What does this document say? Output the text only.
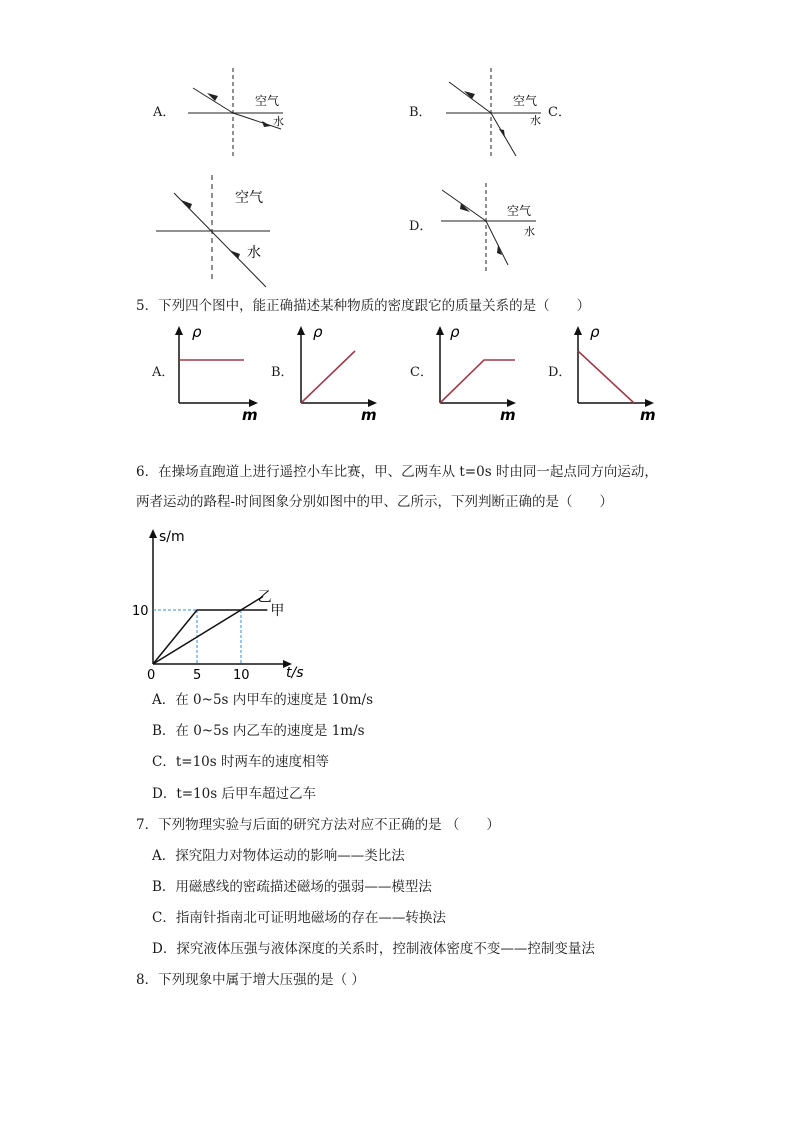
A．
空气
水
B．
空气
水
C．
空气
水
D．
空气
水
5．下列四个图中，能正确描述某种物质的密度跟它的质量关系的是（　　）
A．
ρ
m
B．
ρ
m
C．
ρ
m
D．
ρ
m
6．在操场直跑道上进行遥控小车比赛，甲、乙两车从 t=0s 时由同一起点同方向运动，
两者运动的路程-时间图象分别如图中的甲、乙所示，下列判断正确的是（　　）
s/m
t/s
0	5 10
10	甲
乙
A．在 0~5s 内甲车的速度是 10m/s
B．在 0~5s 内乙车的速度是 1m/s
C．t=10s 时两车的速度相等
D．t=10s 后甲车超过乙车
7．下列物理实验与后面的研究方法对应不正确的是 （　　）
A．探究阻力对物体运动的影响——类比法
B．用磁感线的密疏描述磁场的强弱——模型法
C．指南针指南北可证明地磁场的存在——转换法
D．探究液体压强与液体深度的关系时，控制液体密度不变——控制变量法
8．下列现象中属于增大压强的是（ ）
